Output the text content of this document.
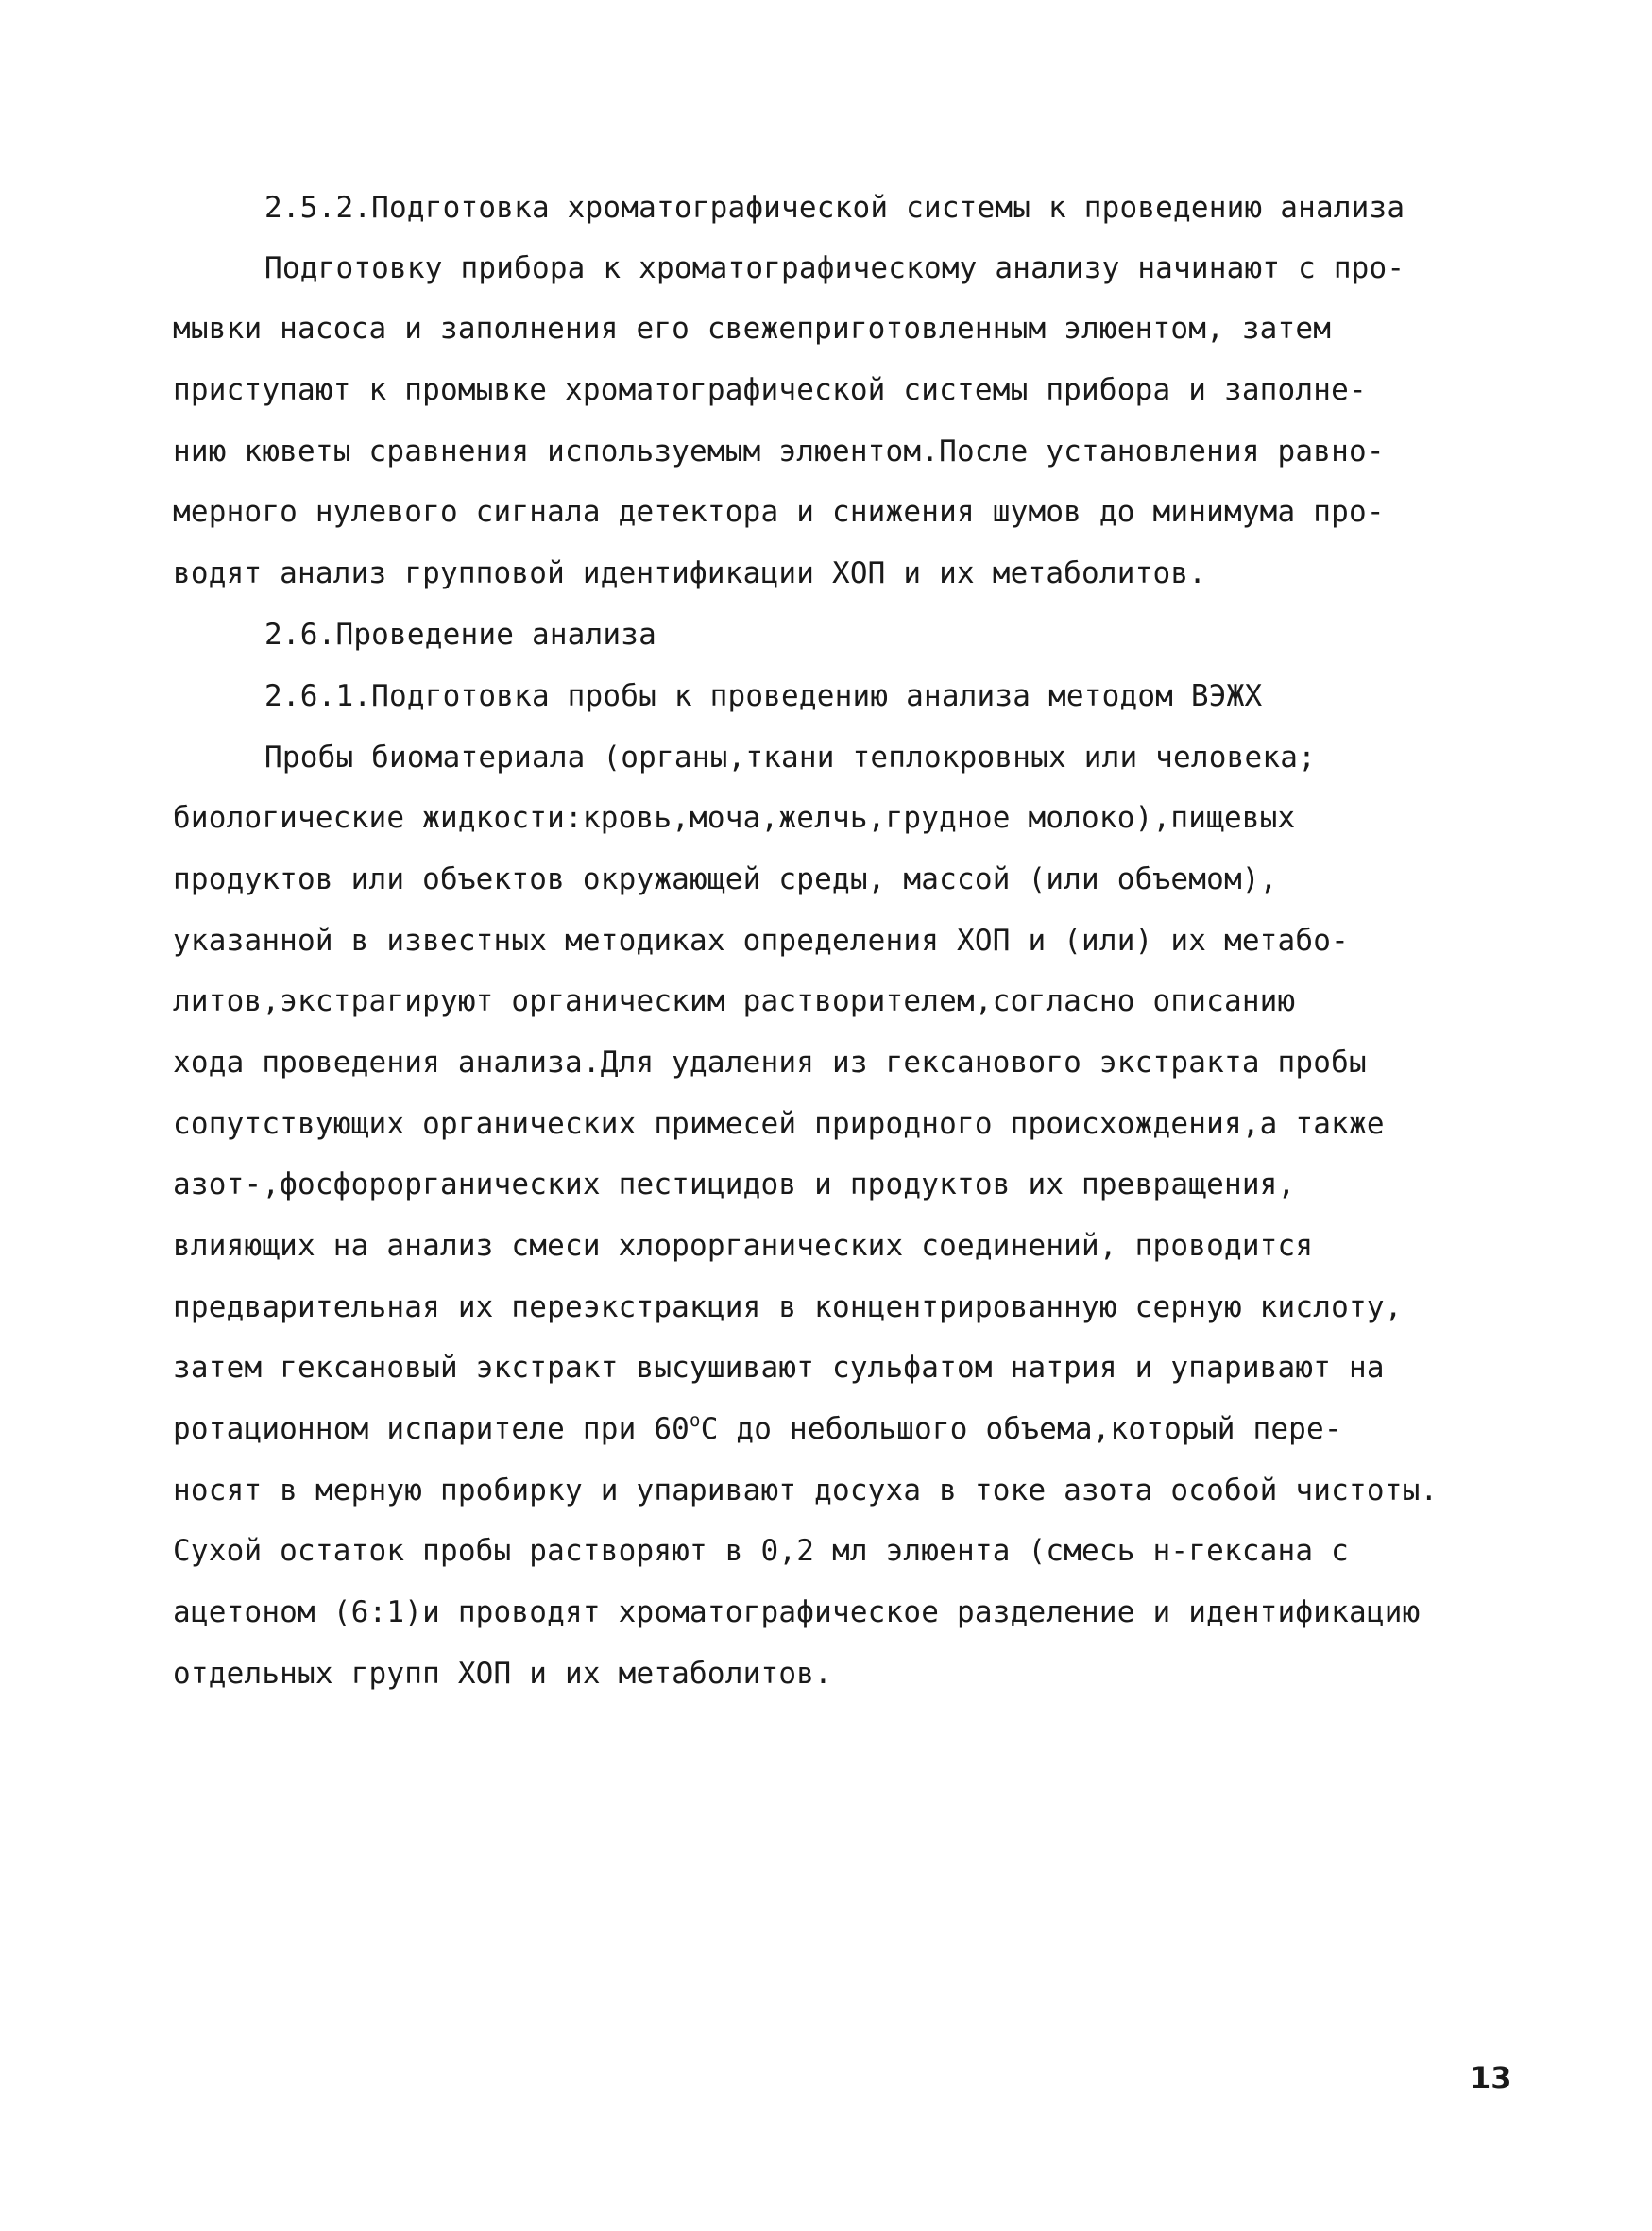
2.5.2.Подготовка хроматографической системы к проведению анализа
Подготовку прибора к хроматографическому анализу начинают с про-
мывки насоса и заполнения его свежеприготовленным элюентом, затем
приступают к промывке хроматографической системы прибора и заполне-
нию кюветы сравнения используемым элюентом.После установления равно-
мерного нулевого сигнала детектора и снижения шумов до минимума про-
водят анализ групповой идентификации ХОП и их метаболитов.
2.6.Проведение анализа
2.6.1.Подготовка пробы к проведению анализа методом ВЭЖХ
Пробы биоматериала (органы,ткани теплокровных или человека;
биологические жидкости:кровь,моча,желчь,грудное молоко),пищевых
продуктов или объектов окружающей среды, массой (или объемом),
указанной в известных методиках определения ХОП и (или) их метабо-
литов,экстрагируют органическим растворителем,согласно описанию
хода проведения анализа.Для удаления из гексанового экстракта пробы
сопутствующих органических примесей природного происхождения,а также
азот-,фосфорорганических пестицидов и продуктов их превращения,
влияющих на анализ смеси хлорорганических соединений, проводится
предварительная их переэкстракция в концентрированную серную кислоту,
затем гексановый экстракт высушивают сульфатом натрия и упаривают на
ротационном испарителе при 60$^o$С до небольшого объема,который пере-
носят в мерную пробирку и упаривают досуха в токе азота особой чистоты.
Сухой остаток пробы растворяют в 0,2 мл элюента (смесь н-гексана с
ацетоном (6:1)и проводят хроматографическое разделение и идентификацию
отдельных групп ХОП и их метаболитов.
13
